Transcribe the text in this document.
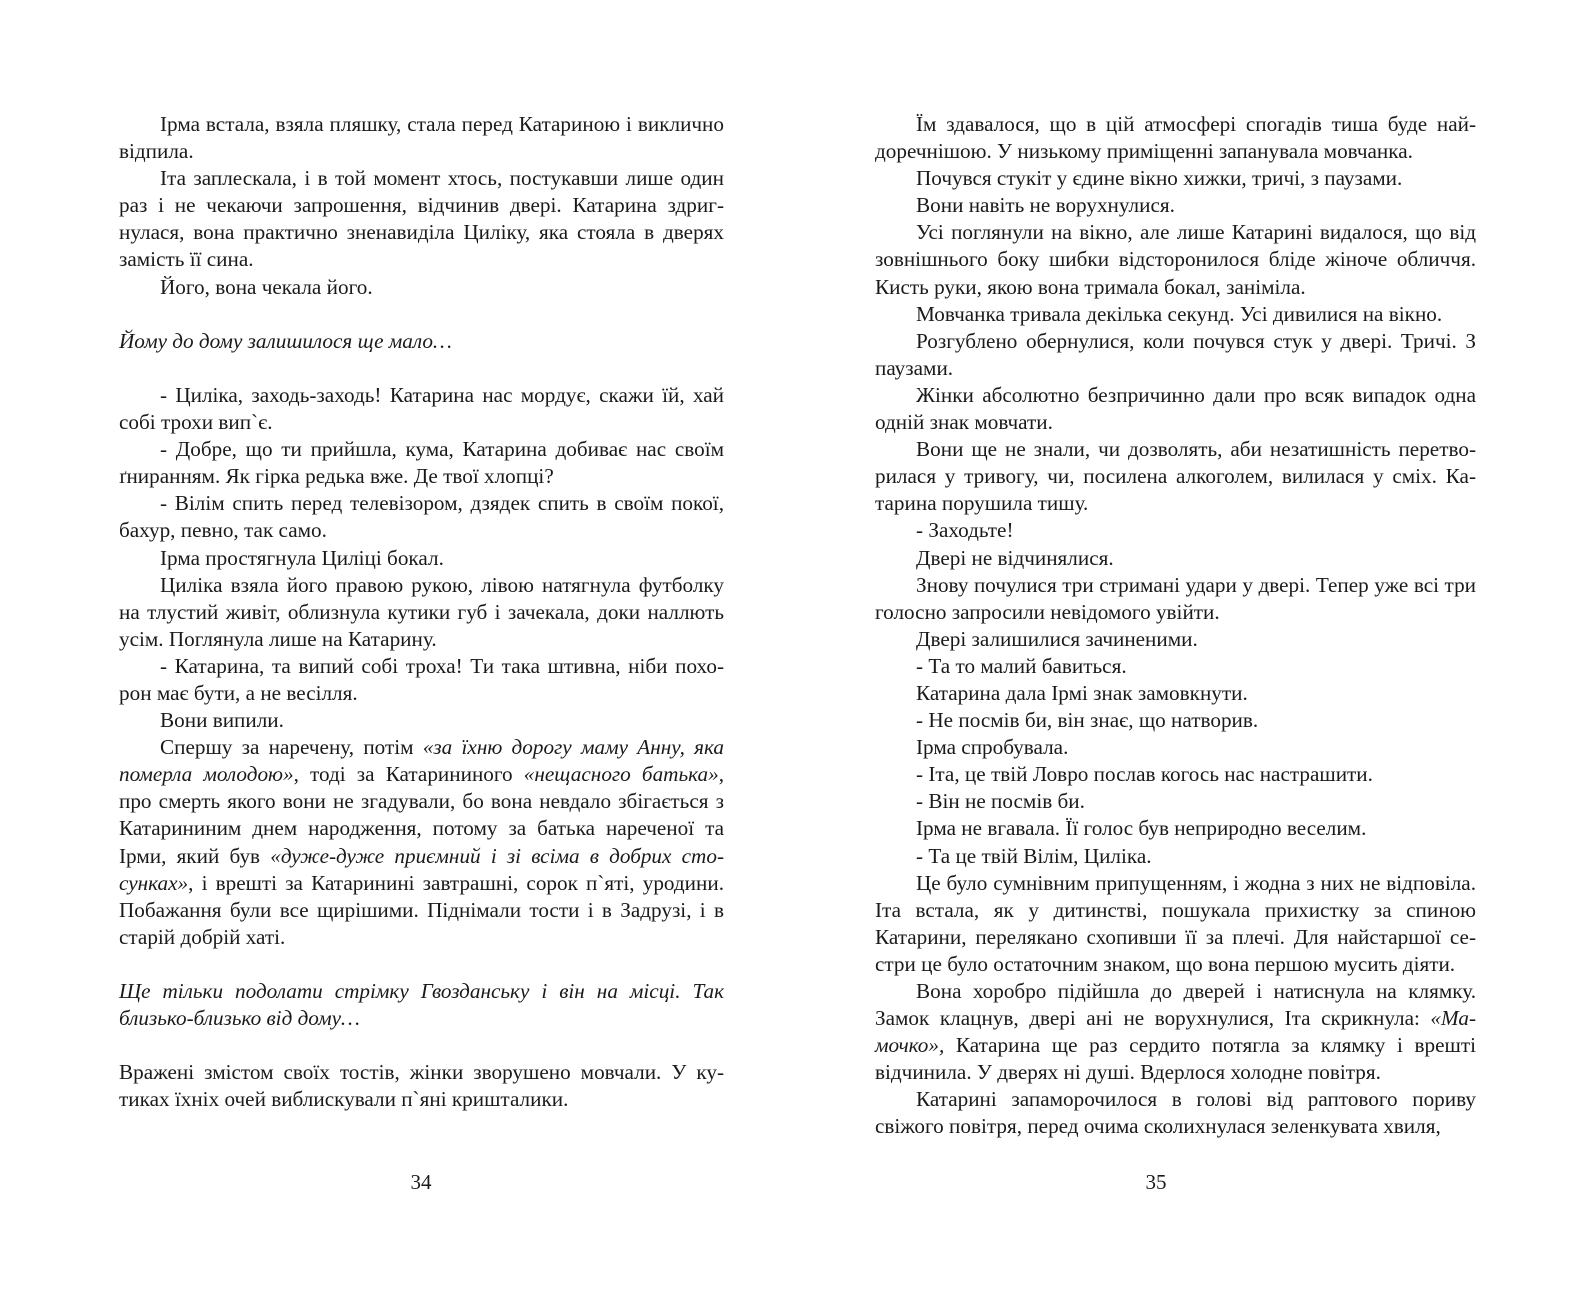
Ірма встала, взяла пляшку, стала перед Катариною і виклично відпила.

Іта заплескала, і в той момент хтось, постукавши лише один раз і не чекаючи запрошення, відчинив двері. Катарина здригнулася, вона практично зненавиділа Циліку, яка стояла в дверях замість її сина.

Його, вона чекала його.

Йому до дому залишилося ще мало…

- Циліка, заходь-заходь! Катарина нас мордує, скажи їй, хай собі трохи вип`є.

- Добре, що ти прийшла, кума, Катарина добиває нас своїм ґниранням. Як гірка редька вже. Де твої хлопці?

- Вілім спить перед телевізором, дзядек спить в своїм покої, бахур, певно, так само.

Ірма простягнула Циліці бокал.

Циліка взяла його правою рукою, лівою натягнула футболку на тлустий живіт, облизнула кутики губ і зачекала, доки наллють усім. Поглянула лише на Катарину.

- Катарина, та випий собі троха! Ти така штивна, ніби похорон має бути, а не весілля.

Вони випили.

Спершу за наречену, потім «за їхню дорогу маму Анну, яка померла молодою», тоді за Катарининого «нещасного батька», про смерть якого вони не згадували, бо вона невдало збігається з Катарининим днем народження, потому за батька нареченої та Ірми, який був «дуже-дуже приємний і зі всіма в добрих стосунках», і врешті за Катаринині завтрашні, сорок п`яті, уродини. Побажання були все щирішими. Піднімали тости і в Задрузі, і в старій добрій хаті.

Ще тільки подолати стрімку Гвозданську і він на місці. Так близько-близько від дому…

Вражені змістом своїх тостів, жінки зворушено мовчали. У кутиках їхніх очей виблискували п`яні кришталики.

34

Їм здавалося, що в цій атмосфері спогадів тиша буде найдоречнішою. У низькому приміщенні запанувала мовчанка.

Почувся стукіт у єдине вікно хижки, тричі, з паузами.

Вони навіть не ворухнулися.

Усі поглянули на вікно, але лише Катарині видалося, що від зовнішнього боку шибки відсторонилося бліде жіноче обличчя. Кисть руки, якою вона тримала бокал, заніміла.

Мовчанка тривала декілька секунд. Усі дивилися на вікно.

Розгублено обернулися, коли почувся стук у двері. Тричі. З паузами.

Жінки абсолютно безпричинно дали про всяк випадок одна одній знак мовчати.

Вони ще не знали, чи дозволять, аби незатишність перетворилася у тривогу, чи, посилена алкоголем, вилилася у сміх. Катарина порушила тишу.

- Заходьте!

Двері не відчинялися.

Знову почулися три стримані удари у двері. Тепер уже всі три голосно запросили невідомого увійти.

Двері залишилися зачиненими.

- Та то малий бавиться.

Катарина дала Ірмі знак замовкнути.

- Не посмів би, він знає, що натворив.

Ірма спробувала.

- Іта, це твій Ловро послав когось нас настрашити.

- Він не посмів би.

Ірма не вгавала. Її голос був неприродно веселим.

- Та це твій Вілім, Циліка.

Це було сумнівним припущенням, і жодна з них не відповіла. Іта встала, як у дитинстві, пошукала прихистку за спиною Катарини, перелякано схопивши її за плечі. Для найстаршої сестри це було остаточним знаком, що вона першою мусить діяти.

Вона хоробро підійшла до дверей і натиснула на клямку. Замок клацнув, двері ані не ворухнулися, Іта скрикнула: «Мамочко», Катарина ще раз сердито потягла за клямку і врешті відчинила. У дверях ні душі. Вдерлося холодне повітря.

Катарині запаморочилося в голові від раптового пориву свіжого повітря, перед очима сколихнулася зеленкувата хвиля,

35
